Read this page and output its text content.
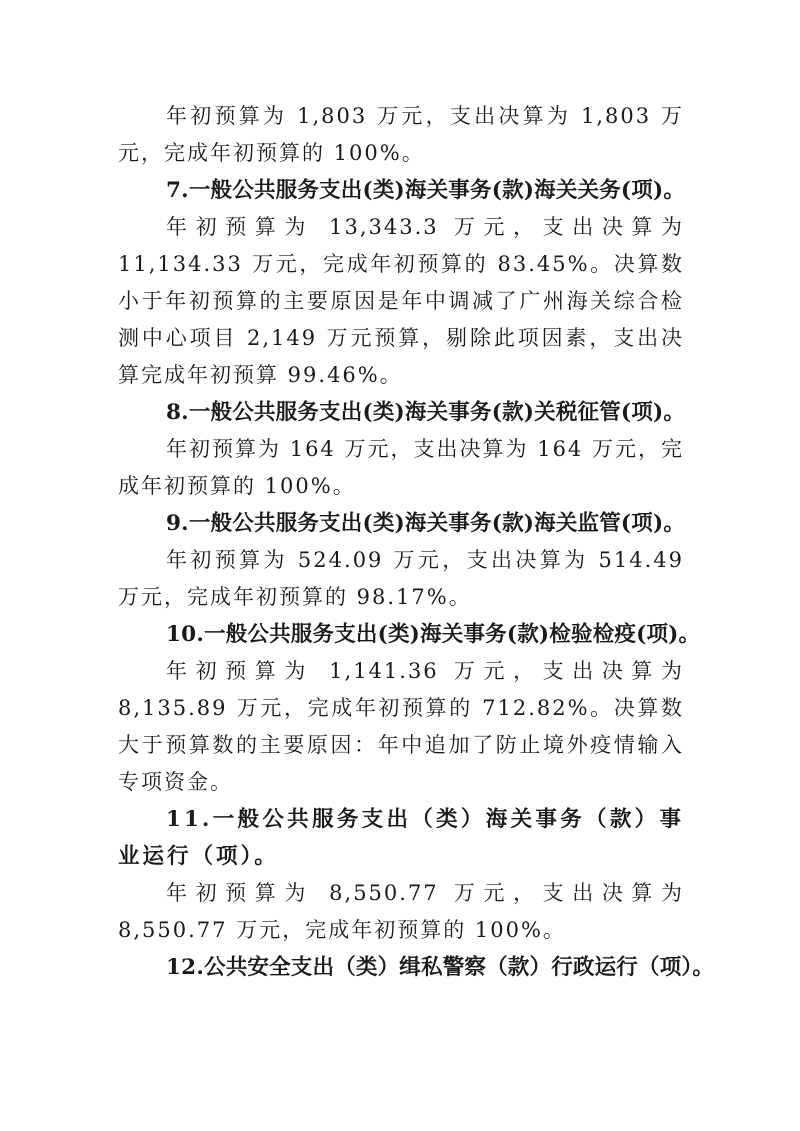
年初预算为 1,803 万元，支出决算为 1,803 万元，完成年初预算的 100%。

7.一般公共服务支出(类)海关事务(款)海关关务(项)。

年初预算为 13,343.3 万元，支出决算为 11,134.33 万元，完成年初预算的 83.45%。决算数小于年初预算的主要原因是年中调减了广州海关综合检测中心项目 2,149 万元预算，剔除此项因素，支出决算完成年初预算 99.46%。

8.一般公共服务支出(类)海关事务(款)关税征管(项)。

年初预算为 164 万元，支出决算为 164 万元，完成年初预算的 100%。

9.一般公共服务支出(类)海关事务(款)海关监管(项)。

年初预算为 524.09 万元，支出决算为 514.49 万元，完成年初预算的 98.17%。

10.一般公共服务支出(类)海关事务(款)检验检疫(项)。

年初预算为 1,141.36 万元，支出决算为 8,135.89 万元，完成年初预算的 712.82%。决算数大于预算数的主要原因：年中追加了防止境外疫情输入专项资金。

11.一般公共服务支出（类）海关事务（款）事业运行（项）。

年初预算为 8,550.77 万元，支出决算为 8,550.77 万元，完成年初预算的 100%。

12.公共安全支出（类）缉私警察（款）行政运行（项）。
